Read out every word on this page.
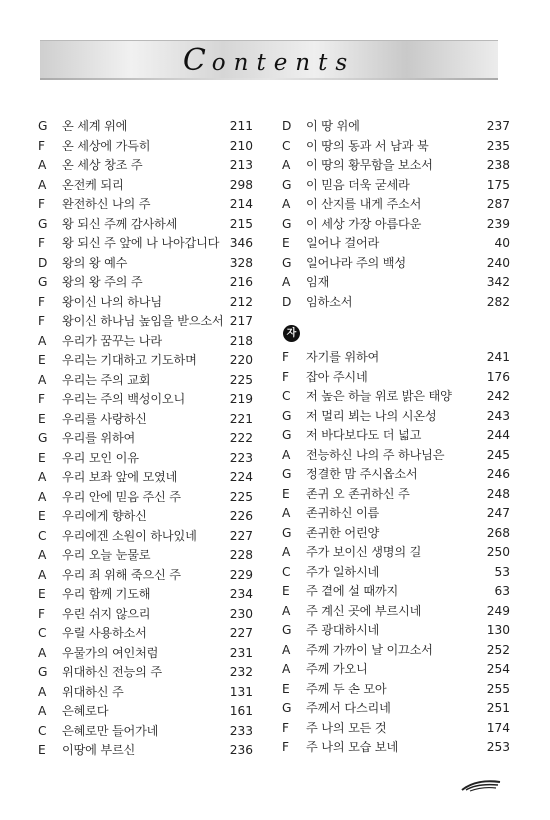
Contents
G	온 세계 위에	211
F	온 세상에 가득히	210
A	온 세상 창조 주	213
A	온전케 되리	298
F	완전하신 나의 주	214
G	왕 되신 주께 감사하세	215
F	왕 되신 주 앞에 나 나아갑니다 346
D	왕의 왕 예수	328
G	왕의 왕 주의 주	216
F	왕이신 나의 하나님	212
F	왕이신 하나님 높임을 받으소서 217
A	우리가 꿈꾸는 나라	218
E	우리는 기대하고 기도하며	220
A	우리는 주의 교회	225
F	우리는 주의 백성이오니	219
E	우리를 사랑하신	221
G	우리를 위하여	222
E	우리 모인 이유	223
A	우리 보좌 앞에 모였네	224
A	우리 안에 믿음 주신 주	225
E	우리에게 향하신	226
C	우리에겐 소원이 하나있네	227
A	우리 오늘 눈물로	228
A	우리 죄 위해 죽으신 주	229
E	우리 함께 기도해	234
F	우린 쉬지 않으리	230
C	우릴 사용하소서	227
A	우물가의 여인처럼	231
G	위대하신 전능의 주	232
A	위대하신 주	131
A	은혜로다	161
C	은혜로만 들어가네	233
E	이땅에 부르신	236
D	이 땅 위에	237
C	이 땅의 동과 서 남과 북	235
A	이 땅의 황무함을 보소서	238
G	이 믿음 더욱 굳세라	175
A	이 산지를 내게 주소서	287
G	이 세상 가장 아름다운	239
E	일어나 걸어라	40
G	일어나라 주의 백성	240
A	임재	342
D	임하소서	282
자
F	자기를 위하여	241
F	잡아 주시네	176
C	저 높은 하늘 위로 밝은 태양	242
G	저 멀리 뵈는 나의 시온성	243
G	저 바다보다도 더 넓고	244
A	전능하신 나의 주 하나님은	245
G	정결한 맘 주시옵소서	246
E	존귀 오 존귀하신 주	248
A	존귀하신 이름	247
G	존귀한 어린양	268
A	주가 보이신 생명의 길	250
C	주가 일하시네	53
E	주 곁에 설 때까지	63
A	주 계신 곳에 부르시네	249
G	주 광대하시네	130
A	주께 가까이 날 이끄소서	252
A	주께 가오니	254
E	주께 두 손 모아	255
G	주께서 다스리네	251
F	주 나의 모든 것	174
F	주 나의 모습 보네	253
